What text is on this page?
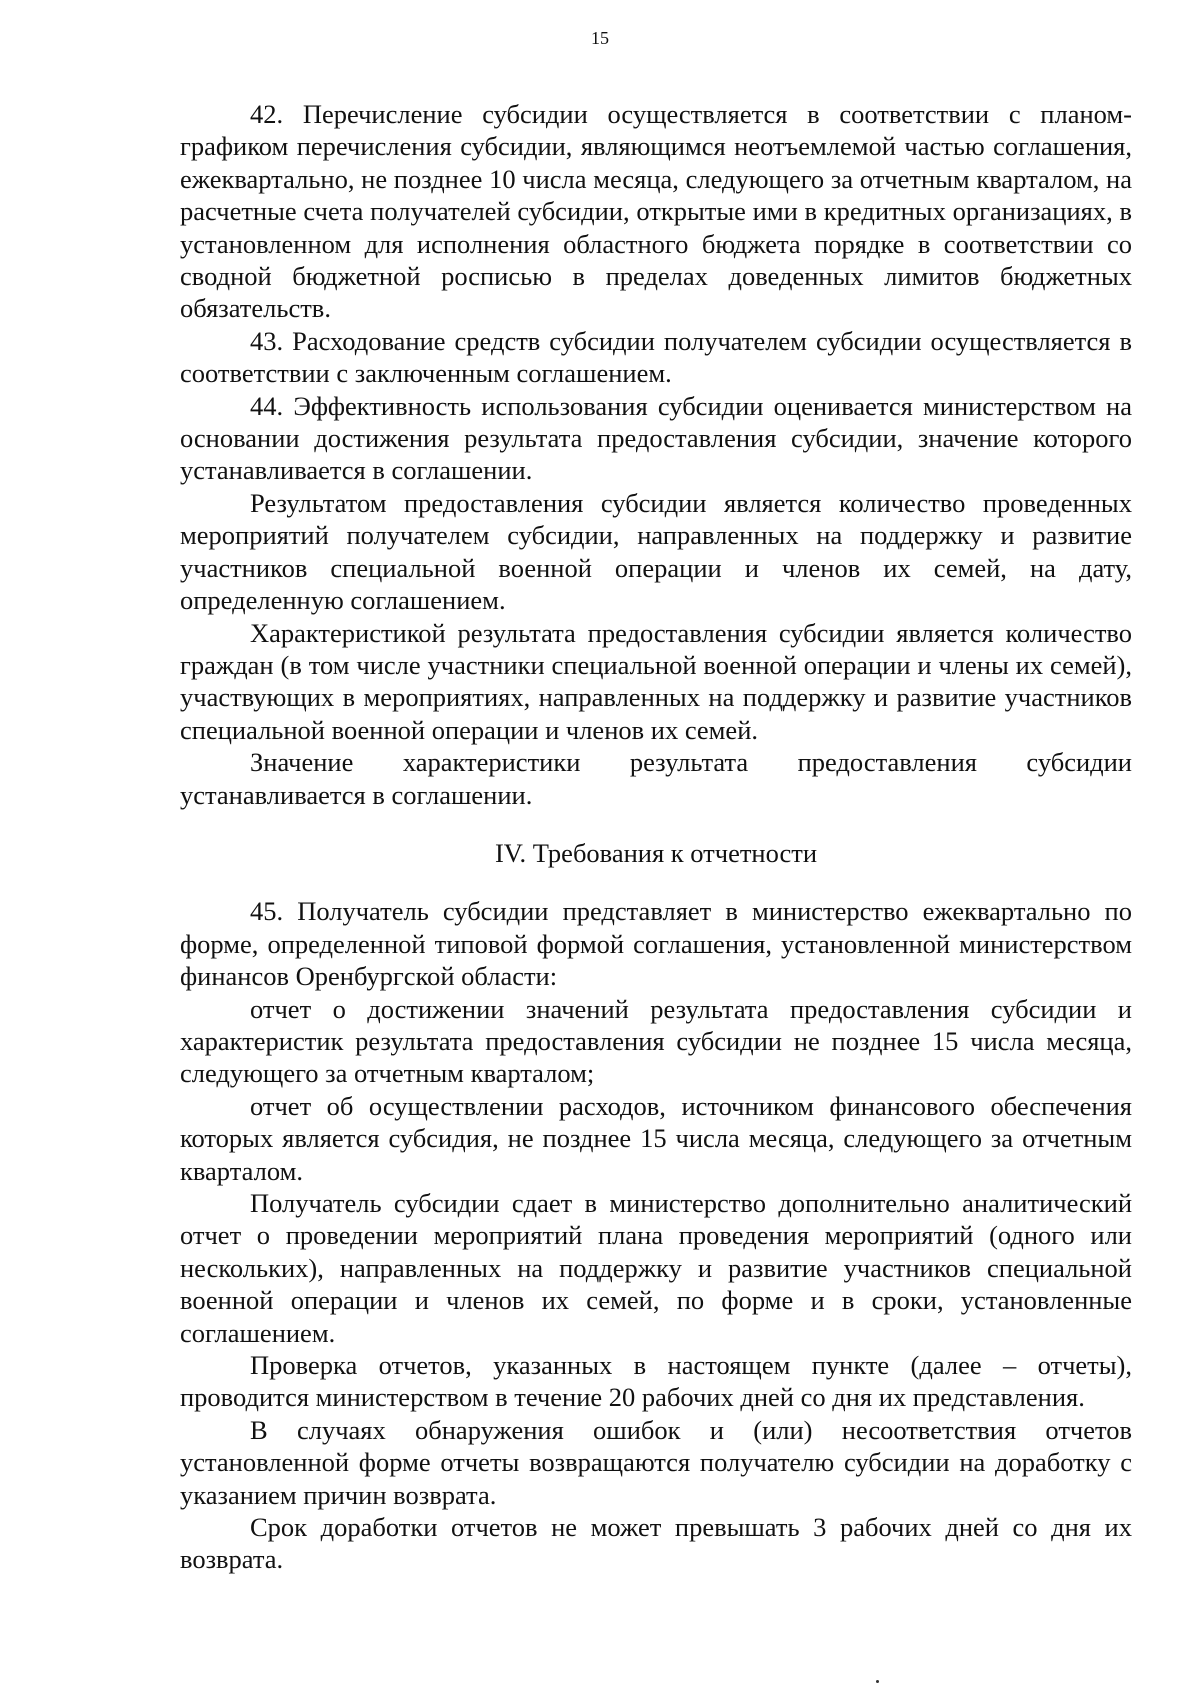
15

42. Перечисление субсидии осуществляется в соответствии с планом-графиком перечисления субсидии, являющимся неотъемлемой частью соглашения, ежеквартально, не позднее 10 числа месяца, следующего за отчетным кварталом, на расчетные счета получателей субсидии, открытые ими в кредитных организациях, в установленном для исполнения областного бюджета порядке в соответствии со сводной бюджетной росписью в пределах доведенных лимитов бюджетных обязательств.

43. Расходование средств субсидии получателем субсидии осуществляется в соответствии с заключенным соглашением.

44. Эффективность использования субсидии оценивается министерством на основании достижения результата предоставления субсидии, значение которого устанавливается в соглашении.

Результатом предоставления субсидии является количество проведенных мероприятий получателем субсидии, направленных на поддержку и развитие участников специальной военной операции и членов их семей, на дату, определенную соглашением.

Характеристикой результата предоставления субсидии является количество граждан (в том числе участники специальной военной операции и члены их семей), участвующих в мероприятиях, направленных на поддержку и развитие участников специальной военной операции и членов их семей.

Значение характеристики результата предоставления субсидии устанавливается в соглашении.

IV. Требования к отчетности

45. Получатель субсидии представляет в министерство ежеквартально по форме, определенной типовой формой соглашения, установленной министерством финансов Оренбургской области:

отчет о достижении значений результата предоставления субсидии и характеристик результата предоставления субсидии не позднее 15 числа месяца, следующего за отчетным кварталом;

отчет об осуществлении расходов, источником финансового обеспечения которых является субсидия, не позднее 15 числа месяца, следующего за отчетным кварталом.

Получатель субсидии сдает в министерство дополнительно аналитический отчет о проведении мероприятий плана проведения мероприятий (одного или нескольких), направленных на поддержку и развитие участников специальной военной операции и членов их семей, по форме и в сроки, установленные соглашением.

Проверка отчетов, указанных в настоящем пункте (далее – отчеты), проводится министерством в течение 20 рабочих дней со дня их представления.

В случаях обнаружения ошибок и (или) несоответствия отчетов установленной форме отчеты возвращаются получателю субсидии на доработку с указанием причин возврата.

Срок доработки отчетов не может превышать 3 рабочих дней со дня их возврата.
